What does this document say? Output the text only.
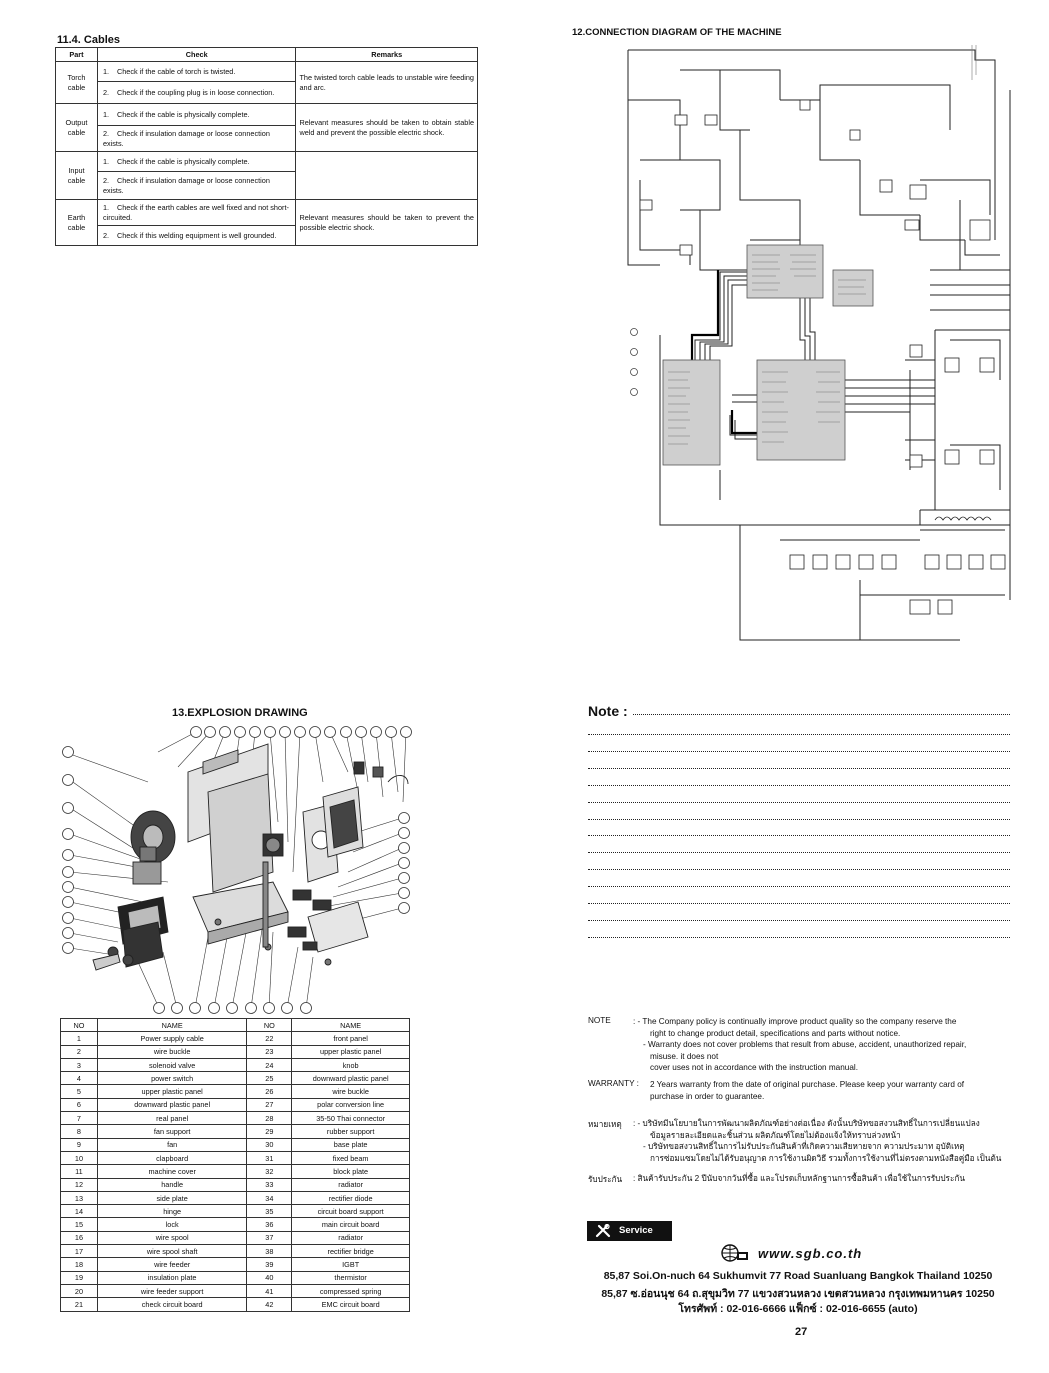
11.4. Cables
Part	Check	Remarks
Torch
cable	1. Check if the cable of torch is twisted.	The twisted torch cable leads to unstable wire feeding and arc.
	2. Check if the coupling plug is in loose connection.	
Output
cable	1. Check if the cable is physically complete.	Relevant measures should be taken to obtain stable weld and prevent the possible electric shock.
	2. Check if insulation damage or loose connection exists.	
Input
cable	1. Check if the cable is physically complete.	
	2. Check if insulation damage or loose connection exists.	
Earth
cable	1. Check if the earth cables are well fixed and not short-circuited.	Relevant measures should be taken to prevent the possible electric shock.
	2. Check if this welding equipment is well grounded.	
12.CONNECTION DIAGRAM OF THE MACHINE
13.EXPLOSION DRAWING
NO	NAME	NO	NAME
1	Power supply cable	22	front panel
2	wire buckle	23	upper plastic panel
3	solenoid valve	24	knob
4	power switch	25	downward plastic panel
5	upper plastic panel	26	wire buckle
6	downward plastic panel	27	polar conversion line
7	real panel	28	35-50 Thai connector
8	fan support	29	rubber support
9	fan	30	base plate
10	clapboard	31	fixed beam
11	machine cover	32	block plate
12	handle	33	radiator
13	side plate	34	rectifier diode
14	hinge	35	circuit board support
15	lock	36	main circuit board
16	wire spool	37	radiator
17	wire spool shaft	38	rectifier bridge
18	wire feeder	39	IGBT
19	insulation plate	40	thermistor
20	wire feeder support	41	compressed spring
21	check circuit board	42	EMC circuit board
Note :
NOTE	: - The Company policy is continually improve product quality so the company reserve the
right to change product detail, specifications and parts without notice.
- Warranty does not cover problems that result from abuse, accident, unauthorized repair,
misuse. it does not
cover uses not in accordance with the instruction manual.
WARRANTY : 2 Years warranty from the date of original purchase. Please keep your warranty card of
purchase in order to guarantee.
หมายเหตุ : - บริษัทมีนโยบายในการพัฒนาผลิตภัณฑ์อย่างต่อเนื่อง ดังนั้นบริษัทขอสงวนสิทธิ์ในการเปลี่ยนแปลง
ข้อมูลรายละเอียดและชิ้นส่วน ผลิตภัณฑ์โดยไม่ต้องแจ้งให้ทราบล่วงหน้า
- บริษัทขอสงวนสิทธิ์ในการไม่รับประกันสินค้าที่เกิดความเสียหายจาก ความประมาท อุบัติเหตุ
การซ่อมแซมโดยไม่ได้รับอนุญาต การใช้งานผิดวิธี รวมทั้งการใช้งานที่ไม่ตรงตามหนังสือคู่มือ เป็นต้น
รับประกัน : สินค้ารับประกัน 2 ปีนับจากวันที่ซื้อ และโปรดเก็บหลักฐานการซื้อสินค้า เพื่อใช้ในการรับประกัน
Service
www.sgb.co.th
85,87 Soi.On-nuch 64 Sukhumvit 77 Road Suanluang Bangkok Thailand 10250
85,87 ซ.อ่อนนุช 64 ถ.สุขุมวิท 77 แขวงสวนหลวง เขตสวนหลวง กรุงเทพมหานคร 10250
โทรศัพท์ : 02-016-6666 แฟ็กซ์ : 02-016-6655 (auto)
27
